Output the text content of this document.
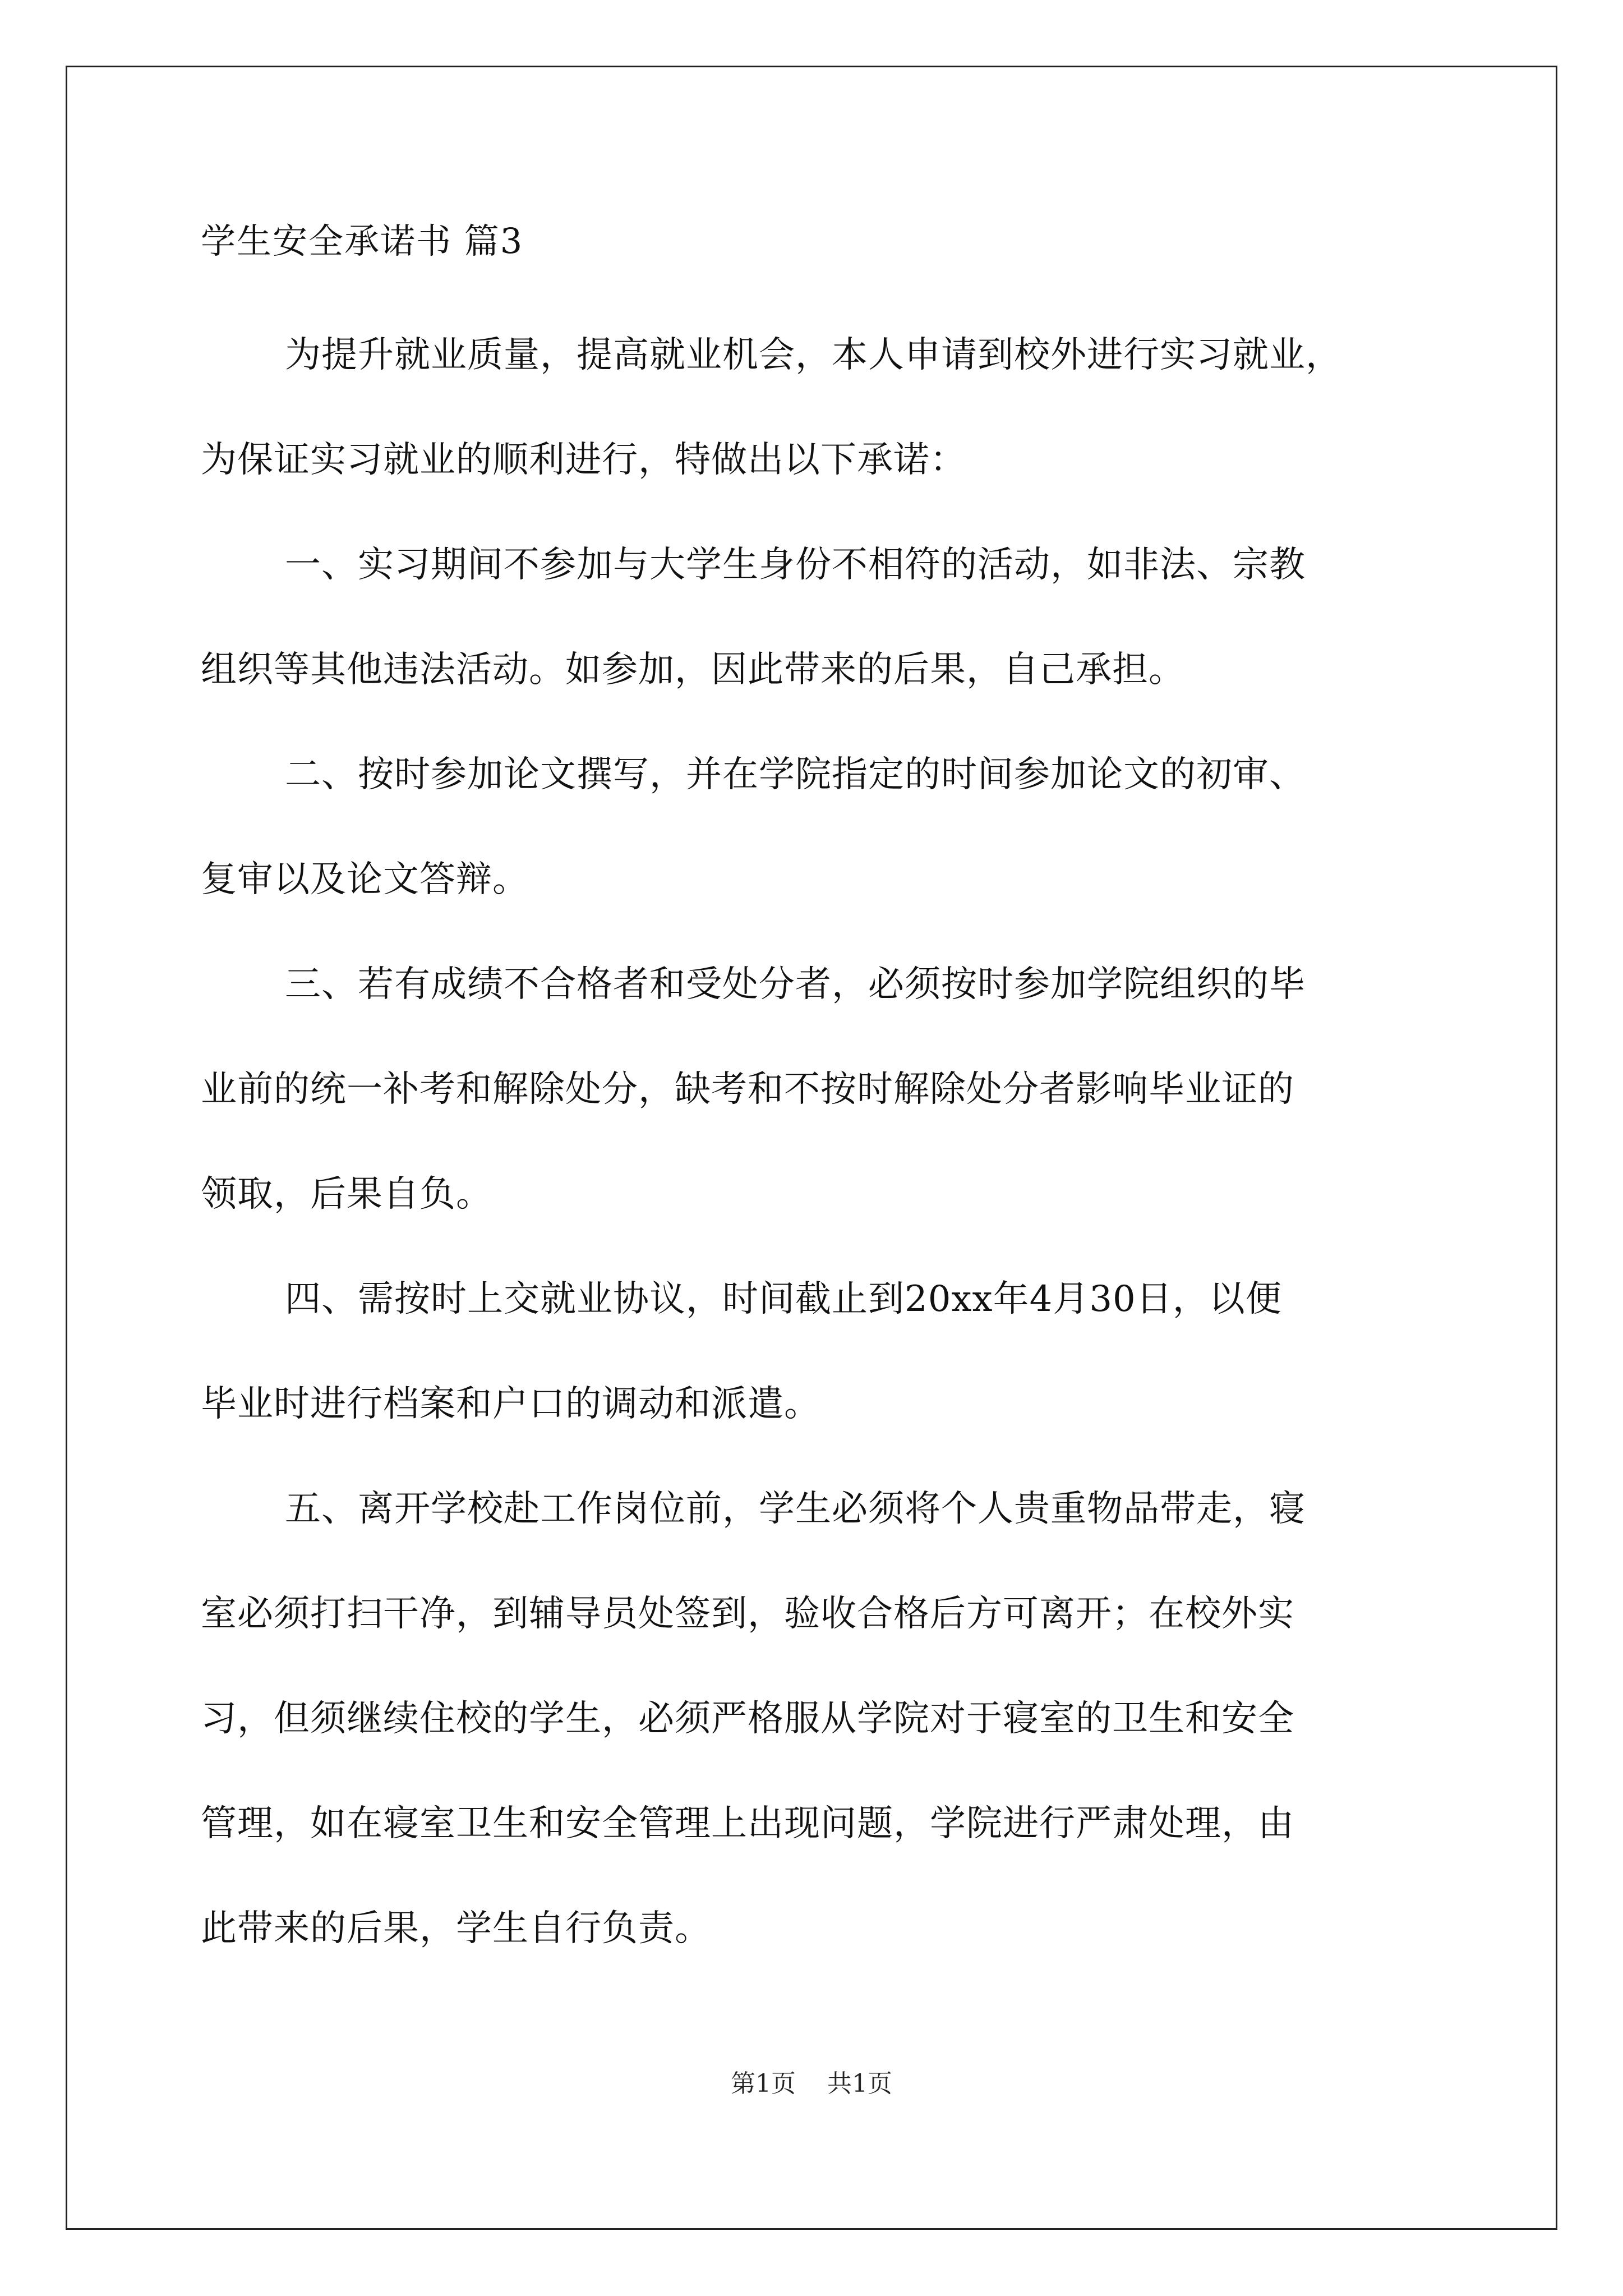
学生安全承诺书 篇3

为提升就业质量，提高就业机会，本人申请到校外进行实习就业，
为保证实习就业的顺利进行，特做出以下承诺：

一、实习期间不参加与大学生身份不相符的活动，如非法、宗教
组织等其他违法活动。如参加，因此带来的后果，自己承担。

二、按时参加论文撰写，并在学院指定的时间参加论文的初审、
复审以及论文答辩。

三、若有成绩不合格者和受处分者，必须按时参加学院组织的毕
业前的统一补考和解除处分，缺考和不按时解除处分者影响毕业证的
领取，后果自负。

四、需按时上交就业协议，时间截止到20xx年4月30日，以便
毕业时进行档案和户口的调动和派遣。

五、离开学校赴工作岗位前，学生必须将个人贵重物品带走，寝
室必须打扫干净，到辅导员处签到，验收合格后方可离开；在校外实
习，但须继续住校的学生，必须严格服从学院对于寝室的卫生和安全
管理，如在寝室卫生和安全管理上出现问题，学院进行严肃处理，由
此带来的后果，学生自行负责。

第1页 共1页
